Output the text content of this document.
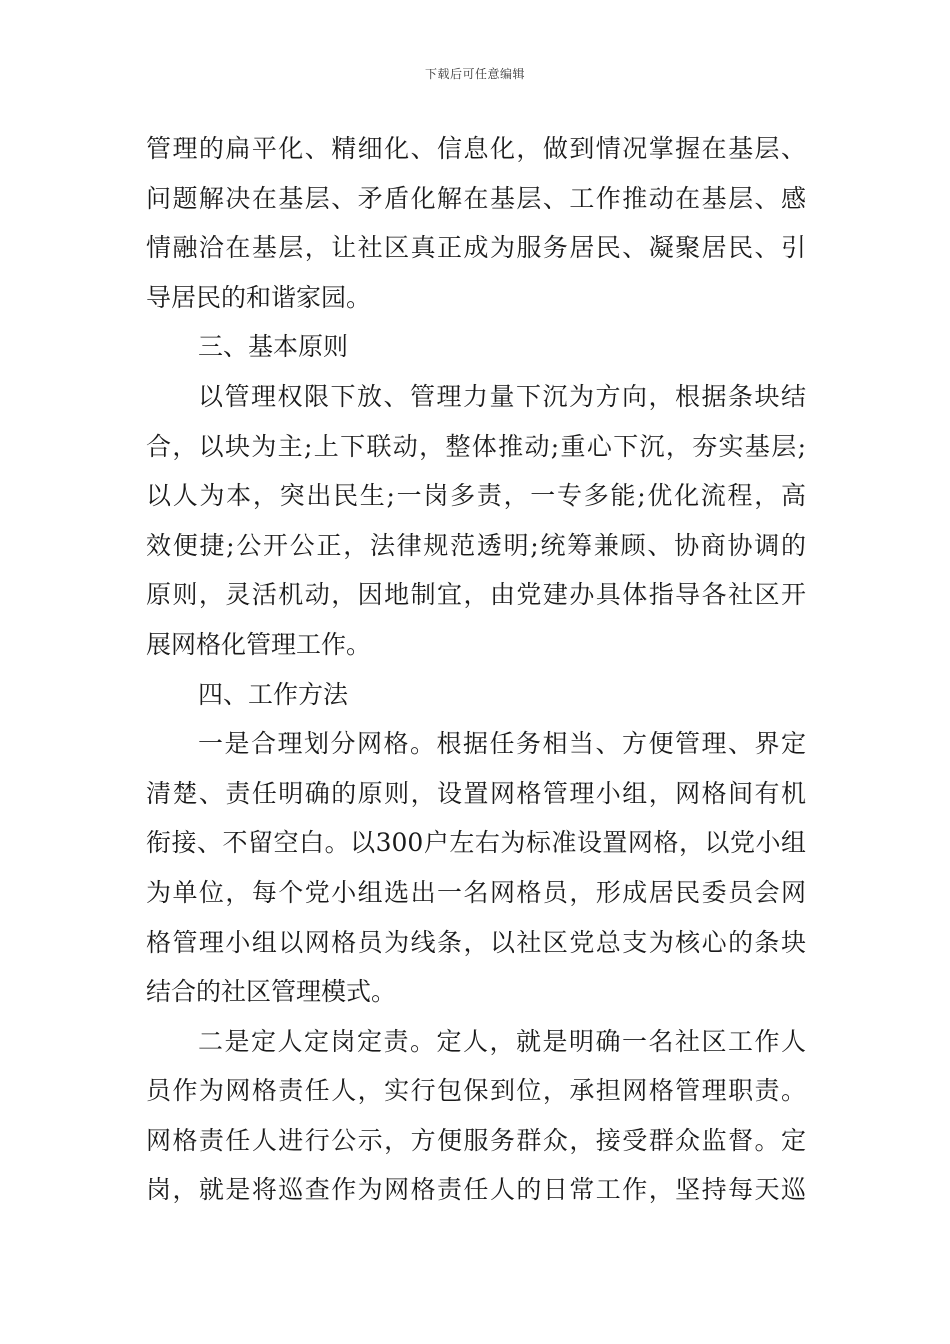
下载后可任意编辑
管理的扁平化、精细化、信息化，做到情况掌握在基层、
问题解决在基层、矛盾化解在基层、工作推动在基层、感
情融洽在基层，让社区真正成为服务居民、凝聚居民、引
导居民的和谐家园。
三、基本原则
以管理权限下放、管理力量下沉为方向，根据条块结
合，以块为主;上下联动，整体推动;重心下沉，夯实基层;
以人为本，突出民生;一岗多责，一专多能;优化流程，高
效便捷;公开公正，法律规范透明;统筹兼顾、协商协调的
原则，灵活机动，因地制宜，由党建办具体指导各社区开
展网格化管理工作。
四、工作方法
一是合理划分网格。根据任务相当、方便管理、界定
清楚、责任明确的原则，设置网格管理小组，网格间有机
衔接、不留空白。以300户左右为标准设置网格，以党小组
为单位，每个党小组选出一名网格员，形成居民委员会网
格管理小组以网格员为线条，以社区党总支为核心的条块
结合的社区管理模式。
二是定人定岗定责。定人，就是明确一名社区工作人
员作为网格责任人，实行包保到位，承担网格管理职责。
网格责任人进行公示，方便服务群众，接受群众监督。定
岗，就是将巡查作为网格责任人的日常工作，坚持每天巡
